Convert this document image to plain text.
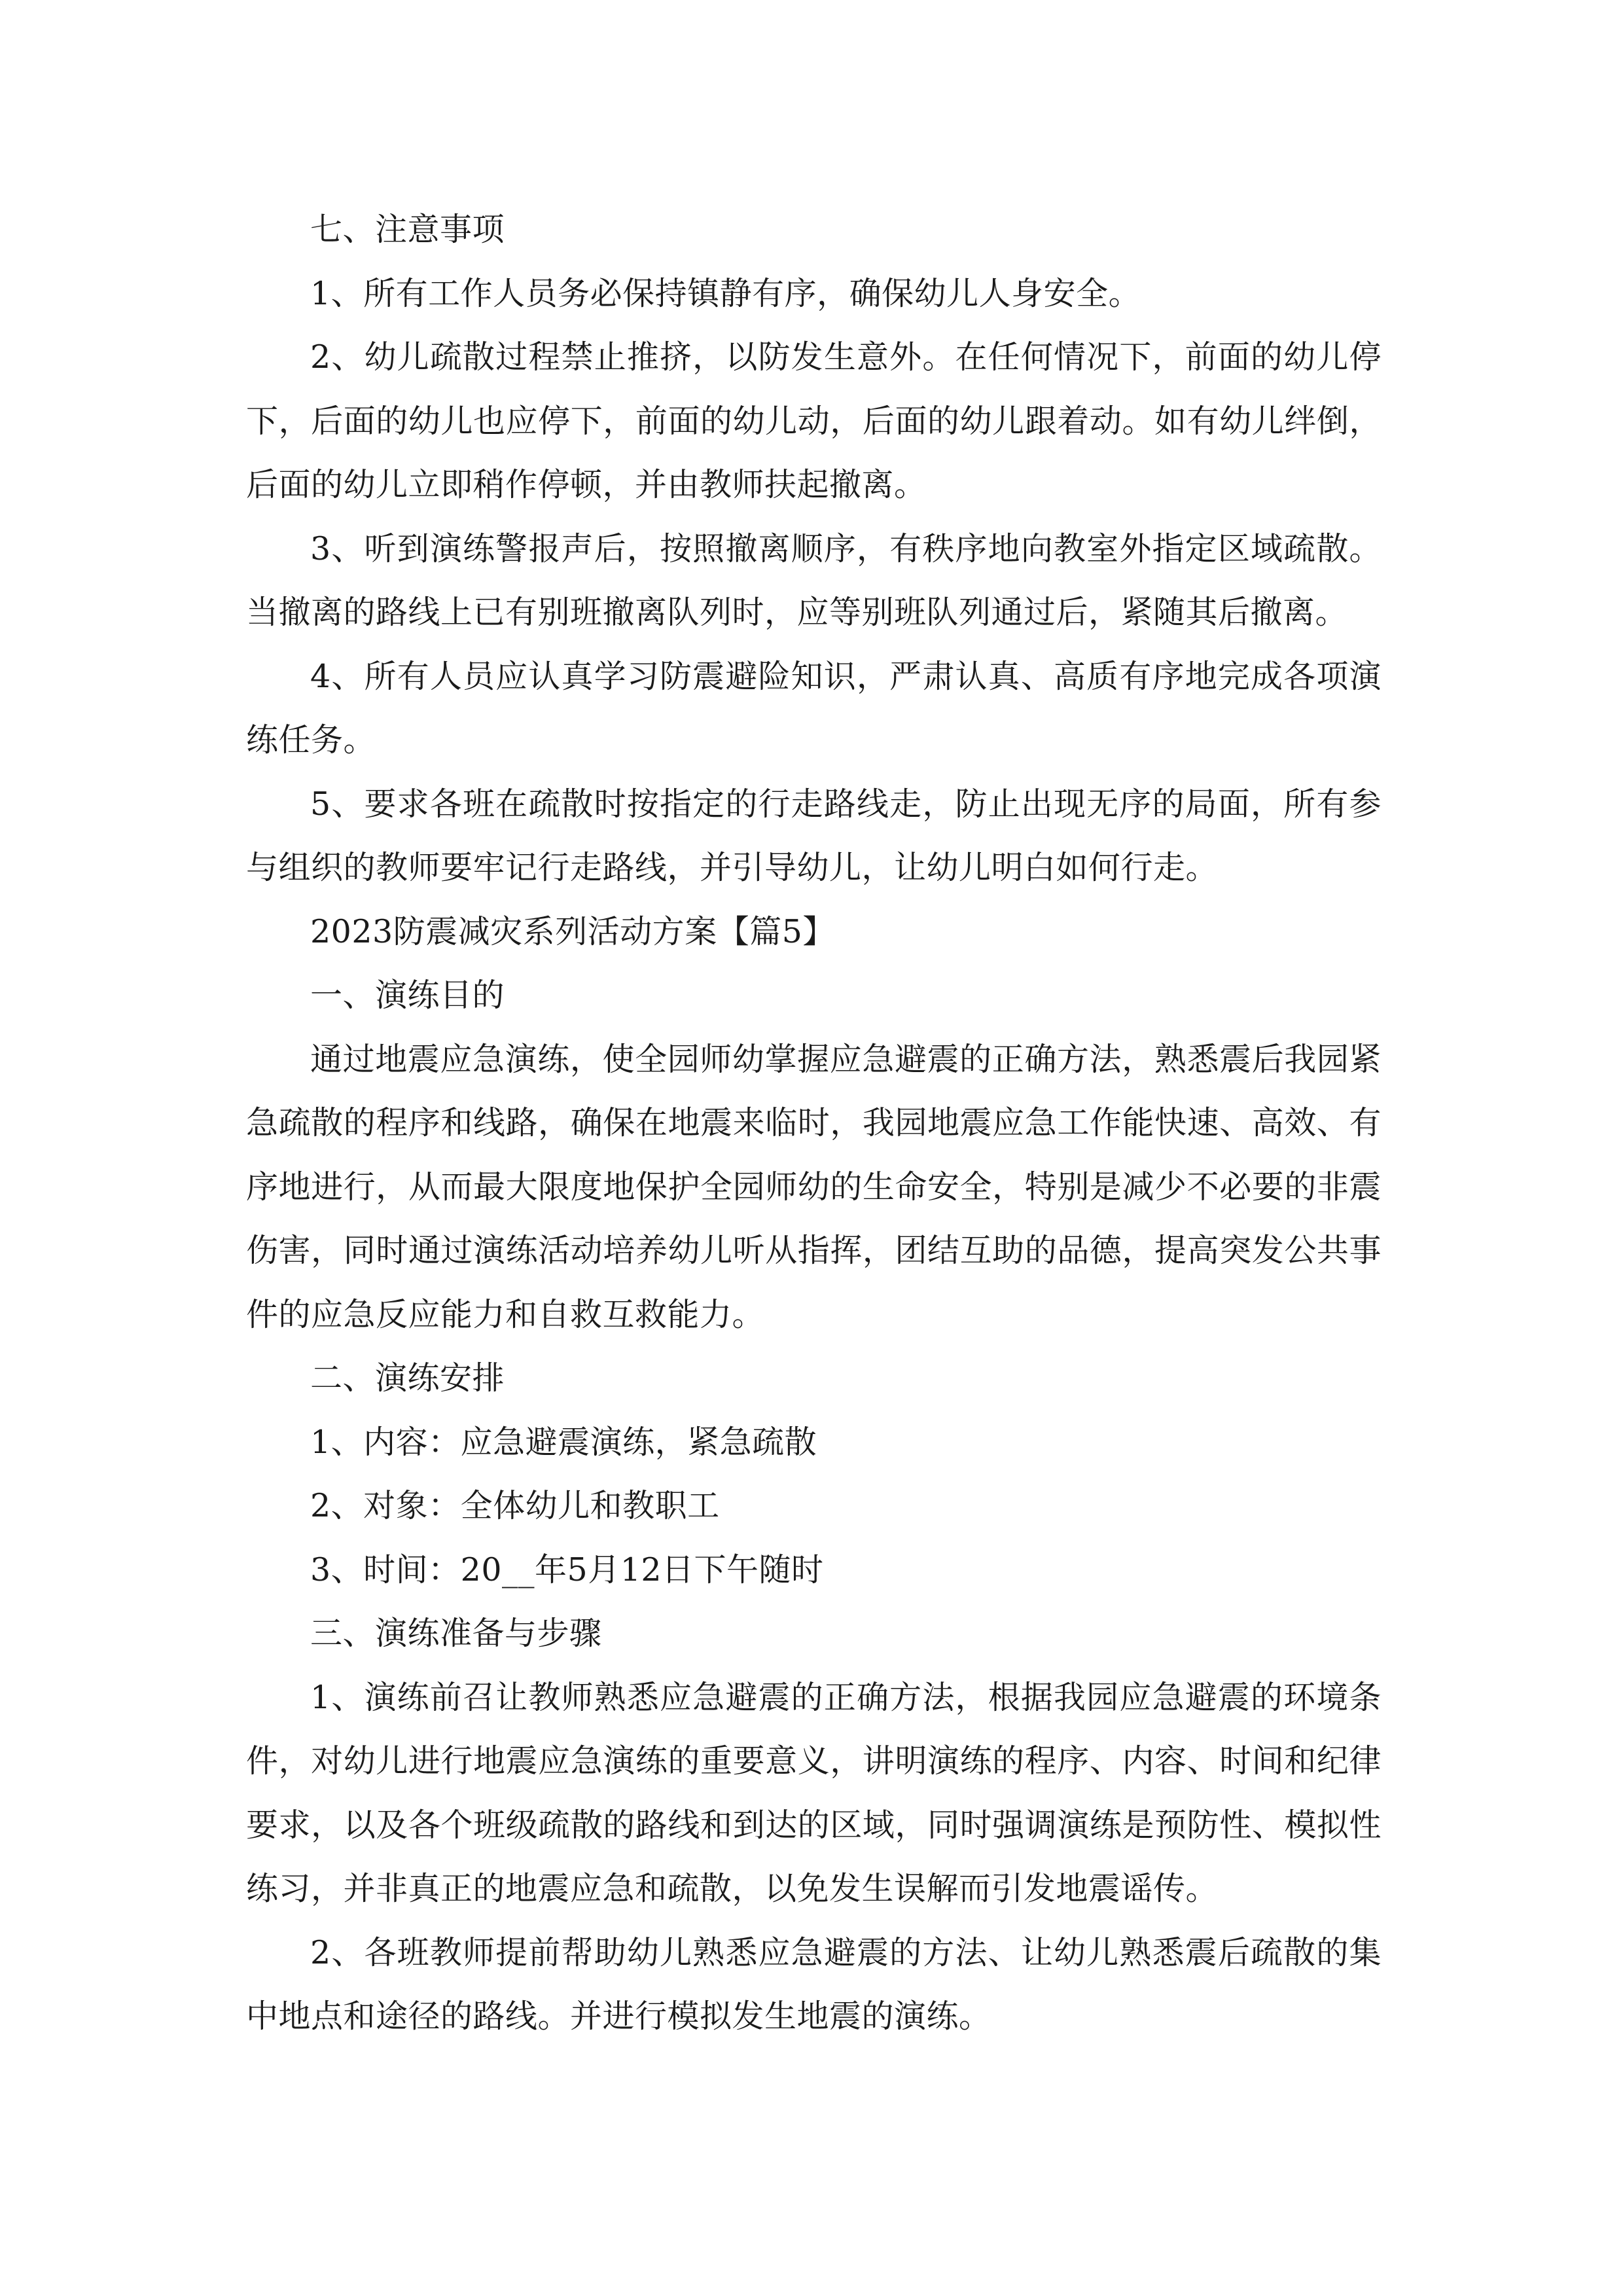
七、注意事项

1、所有工作人员务必保持镇静有序，确保幼儿人身安全。

2、幼儿疏散过程禁止推挤，以防发生意外。在任何情况下，前面的幼儿停下，后面的幼儿也应停下，前面的幼儿动，后面的幼儿跟着动。如有幼儿绊倒，后面的幼儿立即稍作停顿，并由教师扶起撤离。

3、听到演练警报声后，按照撤离顺序，有秩序地向教室外指定区域疏散。当撤离的路线上已有别班撤离队列时，应等别班队列通过后，紧随其后撤离。

4、所有人员应认真学习防震避险知识，严肃认真、高质有序地完成各项演练任务。

5、要求各班在疏散时按指定的行走路线走，防止出现无序的局面，所有参与组织的教师要牢记行走路线，并引导幼儿，让幼儿明白如何行走。

2023防震减灾系列活动方案【篇5】

一、演练目的

通过地震应急演练，使全园师幼掌握应急避震的正确方法，熟悉震后我园紧急疏散的程序和线路，确保在地震来临时，我园地震应急工作能快速、高效、有序地进行，从而最大限度地保护全园师幼的生命安全，特别是减少不必要的非震伤害，同时通过演练活动培养幼儿听从指挥，团结互助的品德，提高突发公共事件的应急反应能力和自救互救能力。

二、演练安排

1、内容：应急避震演练，紧急疏散

2、对象：全体幼儿和教职工

3、时间：20__年5月12日下午随时

三、演练准备与步骤

1、演练前召让教师熟悉应急避震的正确方法，根据我园应急避震的环境条件，对幼儿进行地震应急演练的重要意义，讲明演练的程序、内容、时间和纪律要求，以及各个班级疏散的路线和到达的区域，同时强调演练是预防性、模拟性练习，并非真正的地震应急和疏散，以免发生误解而引发地震谣传。

2、各班教师提前帮助幼儿熟悉应急避震的方法、让幼儿熟悉震后疏散的集中地点和途径的路线。并进行模拟发生地震的演练。
